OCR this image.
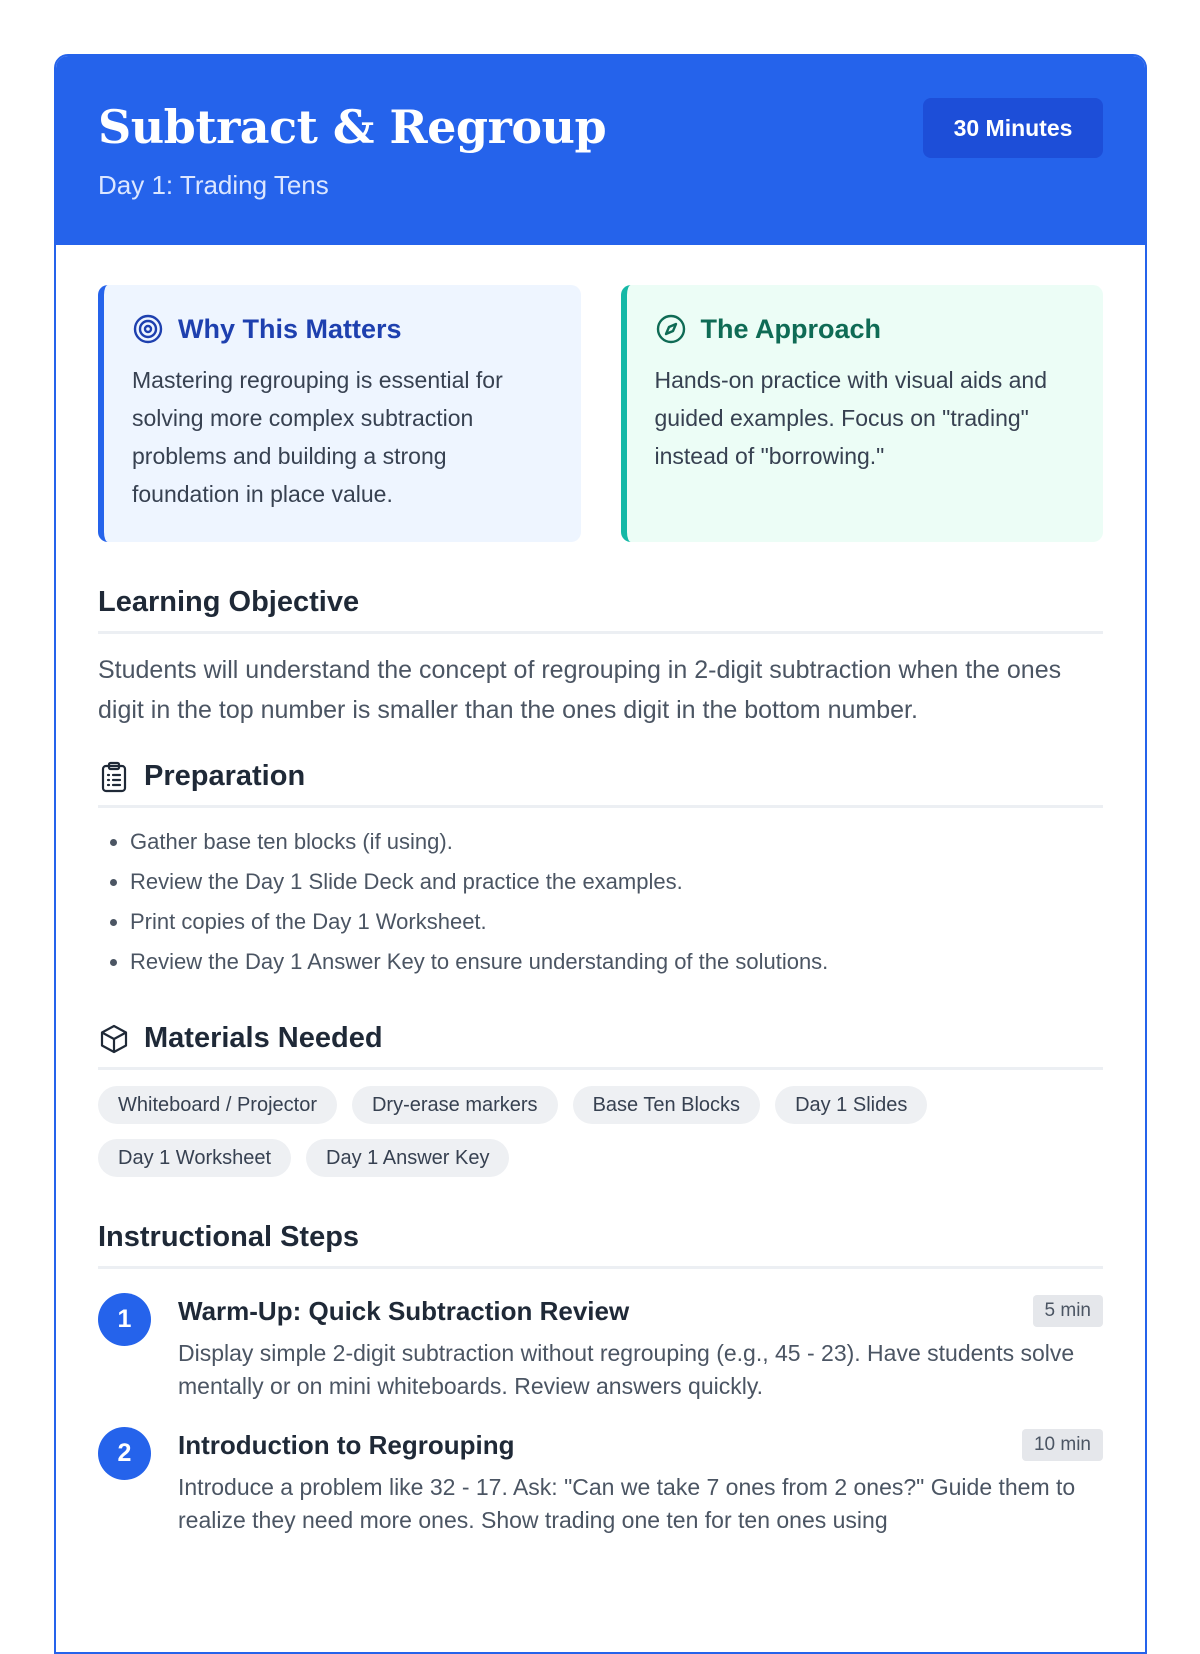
Subtract & Regroup
Day 1: Trading Tens
30 Minutes
Why This Matters
Mastering regrouping is essential for solving more complex subtraction problems and building a strong foundation in place value.
The Approach
Hands-on practice with visual aids and guided examples. Focus on "trading" instead of "borrowing."
Learning Objective

Students will understand the concept of regrouping in 2-digit subtraction when the ones digit in the top number is smaller than the ones digit in the bottom number.

Preparation
• Gather base ten blocks (if using).
• Review the Day 1 Slide Deck and practice the examples.
• Print copies of the Day 1 Worksheet.
• Review the Day 1 Answer Key to ensure understanding of the solutions.
Materials Needed
Whiteboard / Projector	Dry-erase markers	Base Ten Blocks	Day 1 Slides
Day 1 Worksheet	Day 1 Answer Key
Instructional Steps
1	Warm-Up: Quick Subtraction Review	5 min
Display simple 2-digit subtraction without regrouping (e.g., 45 - 23). Have students solve mentally or on mini whiteboards. Review answers quickly.
2	Introduction to Regrouping	10 min
Introduce a problem like 32 - 17. Ask: "Can we take 7 ones from 2 ones?" Guide them to realize they need more ones. Show trading one ten for ten ones using
